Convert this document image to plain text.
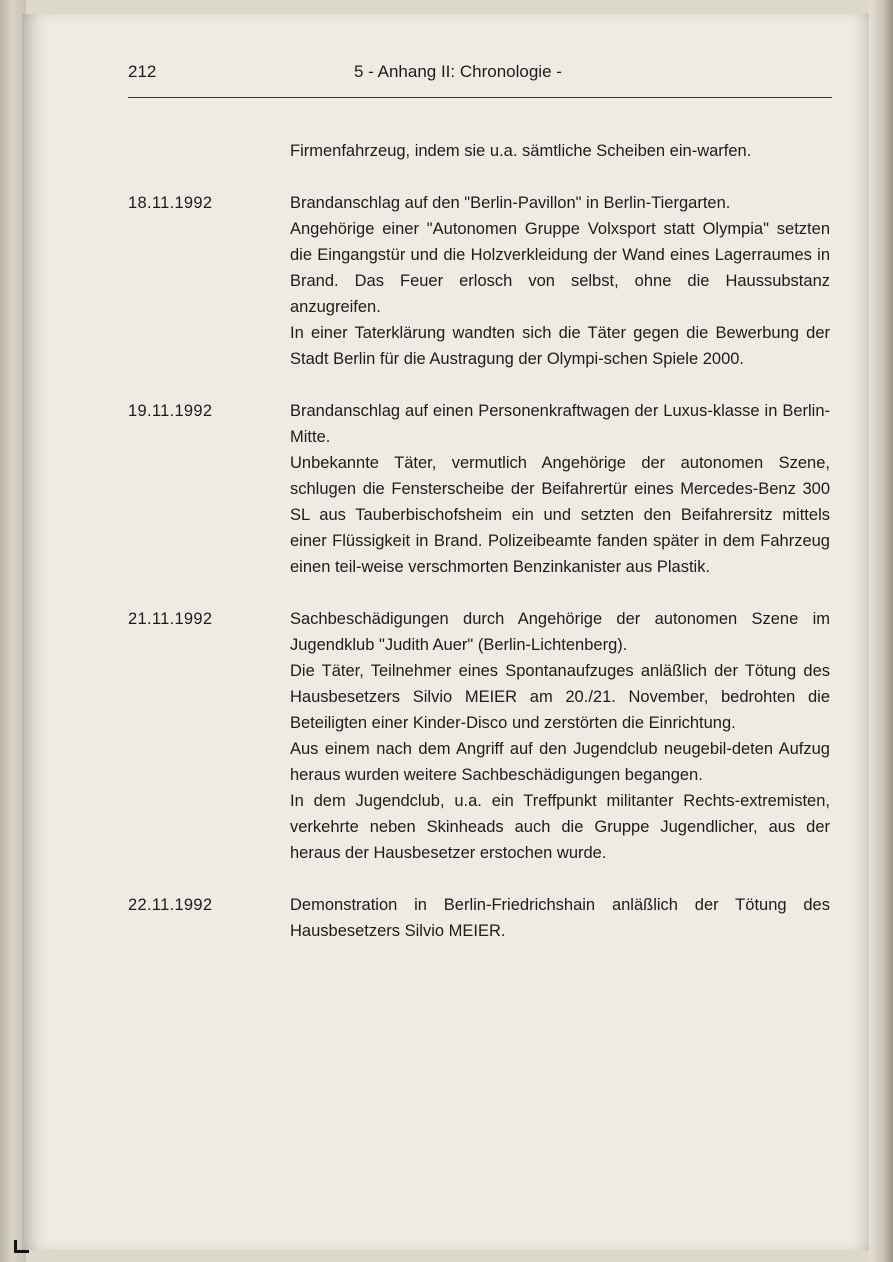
212	5 - Anhang II: Chronologie -

Firmenfahrzeug, indem sie u.a. sämtliche Scheiben ein-warfen.

18.11.1992	Brandanschlag auf den "Berlin-Pavillon" in Berlin-Tiergarten.

Angehörige einer "Autonomen Gruppe Volxsport statt Olympia" setzten die Eingangstür und die Holzverkleidung der Wand eines Lagerraumes in Brand. Das Feuer erlosch von selbst, ohne die Haussubstanz anzugreifen.

In einer Taterklärung wandten sich die Täter gegen die Bewerbung der Stadt Berlin für die Austragung der Olympi-schen Spiele 2000.

19.11.1992	Brandanschlag auf einen Personenkraftwagen der Luxus-klasse in Berlin-Mitte.

Unbekannte Täter, vermutlich Angehörige der autonomen Szene, schlugen die Fensterscheibe der Beifahrertür eines Mercedes-Benz 300 SL aus Tauberbischofsheim ein und setzten den Beifahrersitz mittels einer Flüssigkeit in Brand. Polizeibeamte fanden später in dem Fahrzeug einen teil-weise verschmorten Benzinkanister aus Plastik.

21.11.1992	Sachbeschädigungen durch Angehörige der autonomen Szene im Jugendklub "Judith Auer" (Berlin-Lichtenberg).

Die Täter, Teilnehmer eines Spontanaufzuges anläßlich der Tötung des Hausbesetzers Silvio MEIER am 20./21. November, bedrohten die Beteiligten einer Kinder-Disco und zerstörten die Einrichtung.

Aus einem nach dem Angriff auf den Jugendclub neugebil-deten Aufzug heraus wurden weitere Sachbeschädigungen begangen.

In dem Jugendclub, u.a. ein Treffpunkt militanter Rechts-extremisten, verkehrte neben Skinheads auch die Gruppe Jugendlicher, aus der heraus der Hausbesetzer erstochen wurde.

22.11.1992	Demonstration in Berlin-Friedrichshain anläßlich der Tötung des Hausbesetzers Silvio MEIER.
